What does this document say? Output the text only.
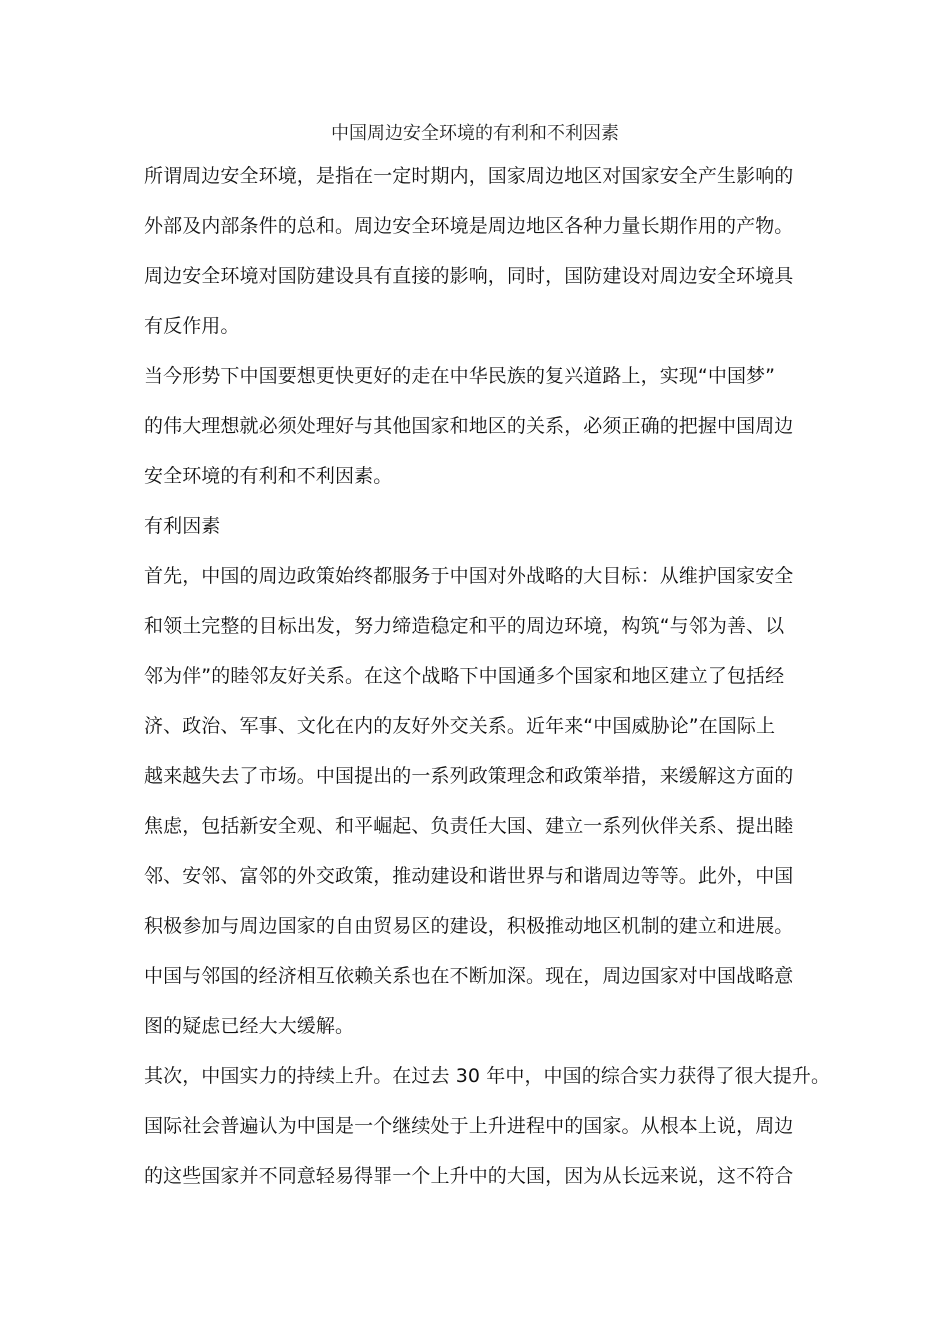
中国周边安全环境的有利和不利因素
所谓周边安全环境，是指在一定时期内，国家周边地区对国家安全产生影响的
外部及内部条件的总和。周边安全环境是周边地区各种力量长期作用的产物。
周边安全环境对国防建设具有直接的影响，同时，国防建设对周边安全环境具
有反作用。
当今形势下中国要想更快更好的走在中华民族的复兴道路上，实现“中国梦”
的伟大理想就必须处理好与其他国家和地区的关系，必须正确的把握中国周边
安全环境的有利和不利因素。
有利因素
首先，中国的周边政策始终都服务于中国对外战略的大目标：从维护国家安全
和领土完整的目标出发，努力缔造稳定和平的周边环境，构筑“与邻为善、以
邻为伴”的睦邻友好关系。在这个战略下中国通多个国家和地区建立了包括经
济、政治、军事、文化在内的友好外交关系。近年来“中国威胁论”在国际上
越来越失去了市场。中国提出的一系列政策理念和政策举措，来缓解这方面的
焦虑，包括新安全观、和平崛起、负责任大国、建立一系列伙伴关系、提出睦
邻、安邻、富邻的外交政策，推动建设和谐世界与和谐周边等等。此外，中国
积极参加与周边国家的自由贸易区的建设，积极推动地区机制的建立和进展。
中国与邻国的经济相互依赖关系也在不断加深。现在，周边国家对中国战略意
图的疑虑已经大大缓解。
其次，中国实力的持续上升。在过去 30 年中，中国的综合实力获得了很大提升。
国际社会普遍认为中国是一个继续处于上升进程中的国家。从根本上说，周边
的这些国家并不同意轻易得罪一个上升中的大国，因为从长远来说，这不符合
